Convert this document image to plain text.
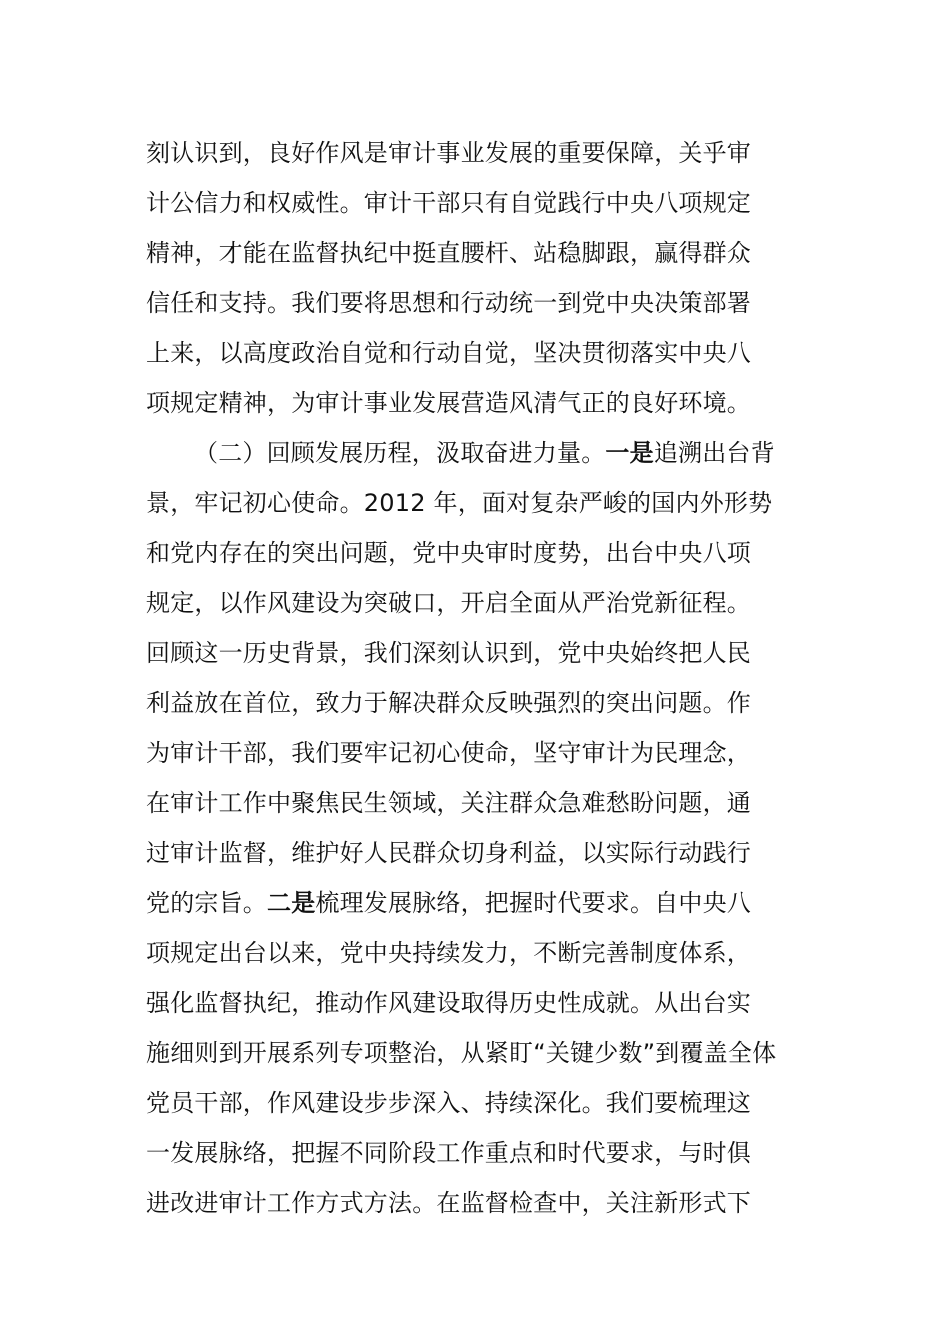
刻认识到，良好作风是审计事业发展的重要保障，关乎审
计公信力和权威性。审计干部只有自觉践行中央八项规定
精神，才能在监督执纪中挺直腰杆、站稳脚跟，赢得群众
信任和支持。我们要将思想和行动统一到党中央决策部署
上来，以高度政治自觉和行动自觉，坚决贯彻落实中央八
项规定精神，为审计事业发展营造风清气正的良好环境。
（二）回顾发展历程，汲取奋进力量。一是追溯出台背
景，牢记初心使命。2012 年，面对复杂严峻的国内外形势
和党内存在的突出问题，党中央审时度势，出台中央八项
规定，以作风建设为突破口，开启全面从严治党新征程。
回顾这一历史背景，我们深刻认识到，党中央始终把人民
利益放在首位，致力于解决群众反映强烈的突出问题。作
为审计干部，我们要牢记初心使命，坚守审计为民理念，
在审计工作中聚焦民生领域，关注群众急难愁盼问题，通
过审计监督，维护好人民群众切身利益，以实际行动践行
党的宗旨。二是梳理发展脉络，把握时代要求。自中央八
项规定出台以来，党中央持续发力，不断完善制度体系，
强化监督执纪，推动作风建设取得历史性成就。从出台实
施细则到开展系列专项整治，从紧盯“关键少数”到覆盖全体
党员干部，作风建设步步深入、持续深化。我们要梳理这
一发展脉络，把握不同阶段工作重点和时代要求，与时俱
进改进审计工作方式方法。在监督检查中，关注新形式下
